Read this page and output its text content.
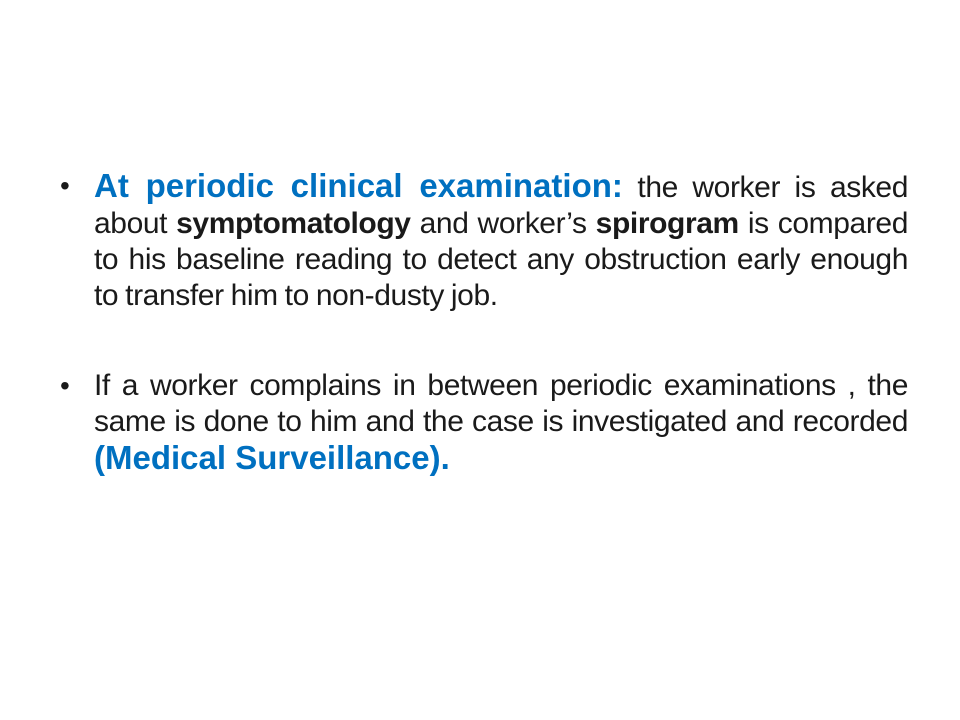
• At periodic clinical examination: the worker is asked about symptomatology and worker’s spirogram is compared to his baseline reading to detect any obstruction early enough to transfer him to non-dusty job.
• If a worker complains in between periodic examinations , the same is done to him and the case is investigated and recorded (Medical Surveillance).
